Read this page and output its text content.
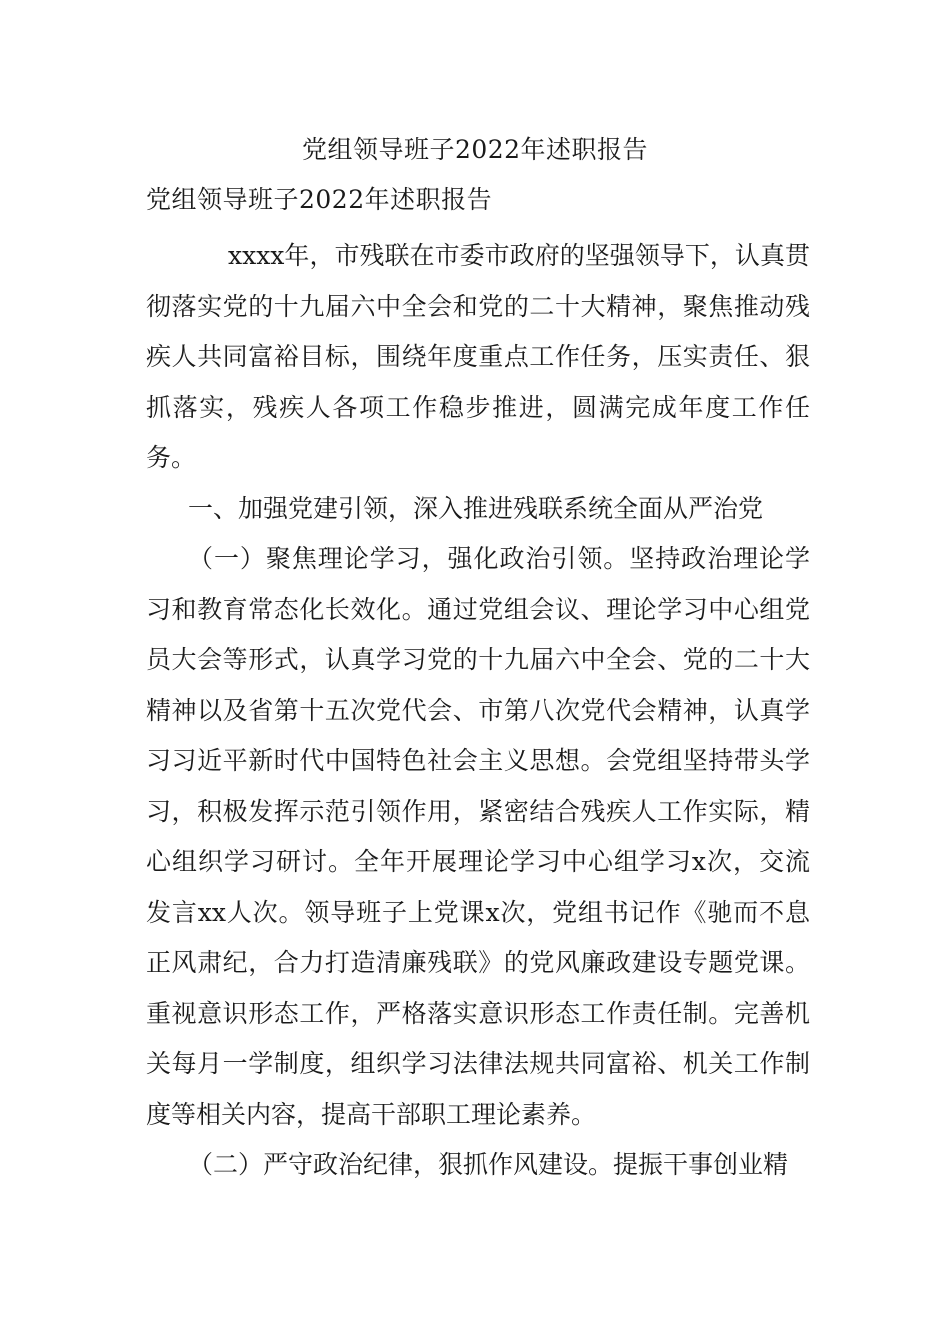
党组领导班子2022年述职报告
党组领导班子2022年述职报告

xxxx年，市残联在市委市政府的坚强领导下，认真贯彻落实党的十九届六中全会和党的二十大精神，聚焦推动残疾人共同富裕目标，围绕年度重点工作任务，压实责任、狠抓落实，残疾人各项工作稳步推进，圆满完成年度工作任务。

一、加强党建引领，深入推进残联系统全面从严治党

（一）聚焦理论学习，强化政治引领。坚持政治理论学习和教育常态化长效化。通过党组会议、理论学习中心组党员大会等形式，认真学习党的十九届六中全会、党的二十大精神以及省第十五次党代会、市第八次党代会精神，认真学习习近平新时代中国特色社会主义思想。会党组坚持带头学习，积极发挥示范引领作用，紧密结合残疾人工作实际，精心组织学习研讨。全年开展理论学习中心组学习x次，交流发言xx人次。领导班子上党课x次，党组书记作《驰而不息正风肃纪，合力打造清廉残联》的党风廉政建设专题党课。重视意识形态工作，严格落实意识形态工作责任制。完善机关每月一学制度，组织学习法律法规共同富裕、机关工作制度等相关内容，提高干部职工理论素养。

（二）严守政治纪律，狠抓作风建设。提振干事创业精
